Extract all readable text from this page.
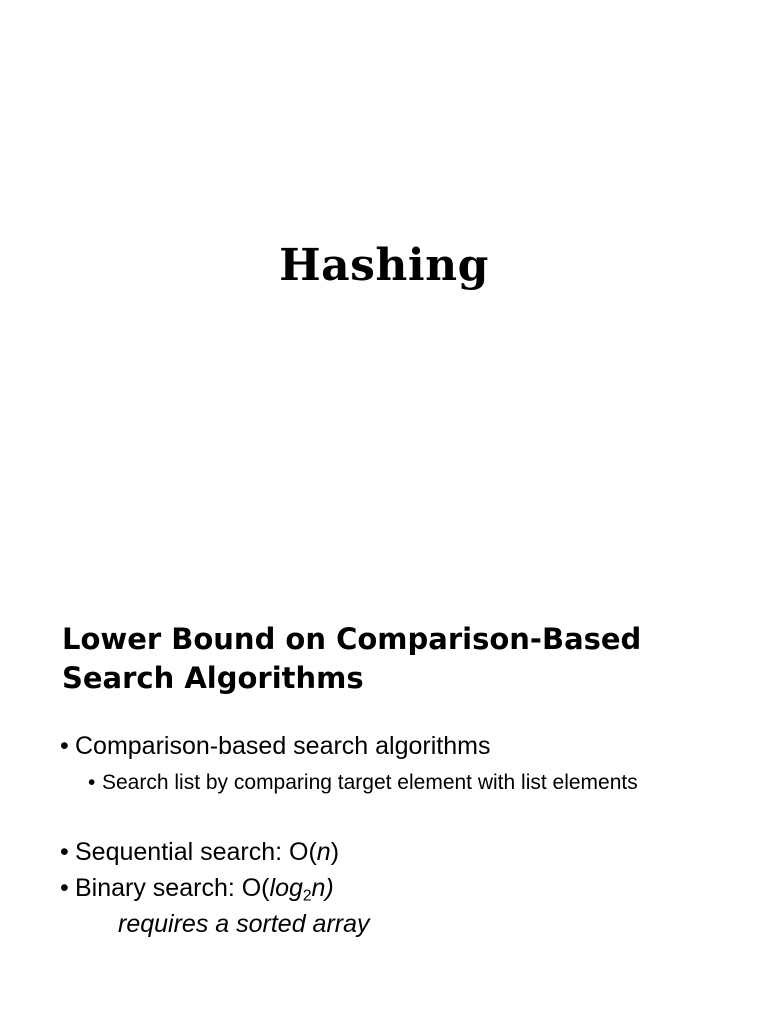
Hashing
Lower Bound on Comparison-Based Search Algorithms
• Comparison-based search algorithms
• Search list by comparing target element with list elements
• Sequential search: O(n)
• Binary search: $O(\log_2n)$
requires a sorted array
